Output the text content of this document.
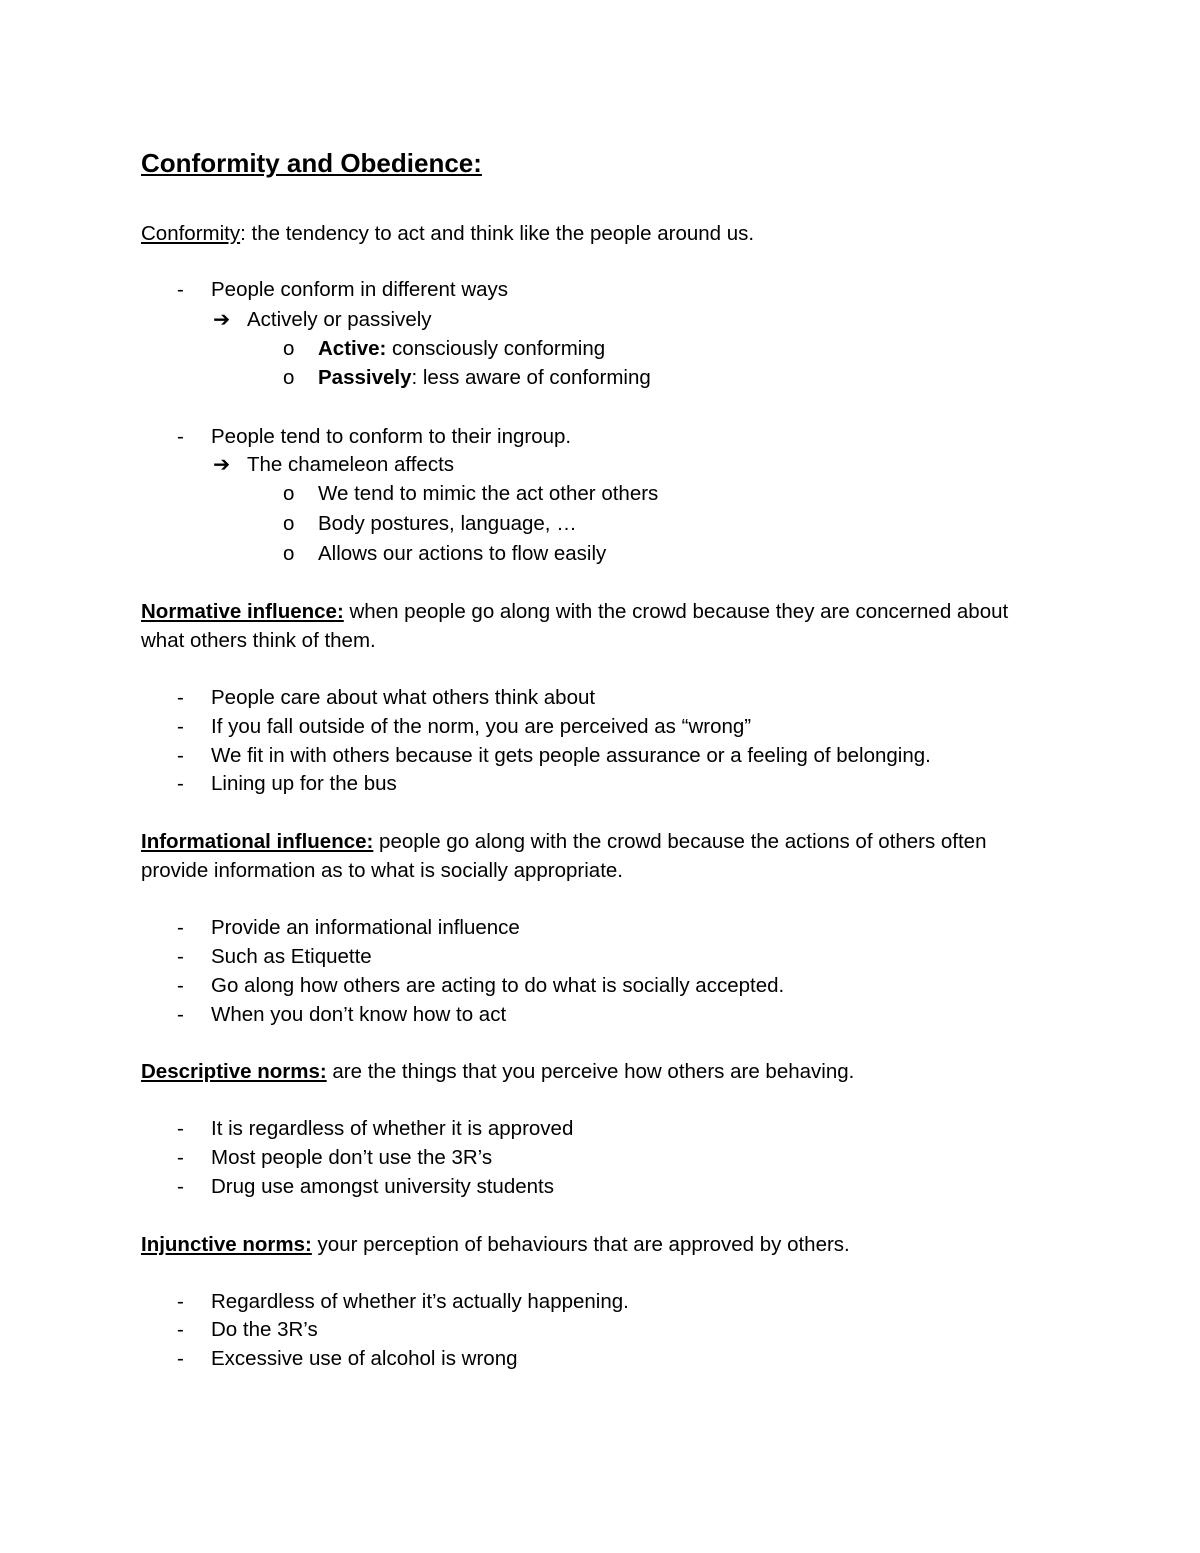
Conformity and Obedience:
Conformity: the tendency to act and think like the people around us.
- People conform in different ways
➔ Actively or passively
o Active: consciously conforming
o Passively: less aware of conforming
- People tend to conform to their ingroup.
➔ The chameleon affects
o We tend to mimic the act other others
o Body postures, language, …
o Allows our actions to flow easily
Normative influence: when people go along with the crowd because they are concerned about
what others think of them.
- People care about what others think about
- If you fall outside of the norm, you are perceived as “wrong”
- We fit in with others because it gets people assurance or a feeling of belonging.
- Lining up for the bus
Informational influence: people go along with the crowd because the actions of others often
provide information as to what is socially appropriate.
- Provide an informational influence
- Such as Etiquette
- Go along how others are acting to do what is socially accepted.
- When you don’t know how to act
Descriptive norms: are the things that you perceive how others are behaving.
- It is regardless of whether it is approved
- Most people don’t use the 3R’s
- Drug use amongst university students
Injunctive norms: your perception of behaviours that are approved by others.
- Regardless of whether it’s actually happening.
- Do the 3R’s
- Excessive use of alcohol is wrong
